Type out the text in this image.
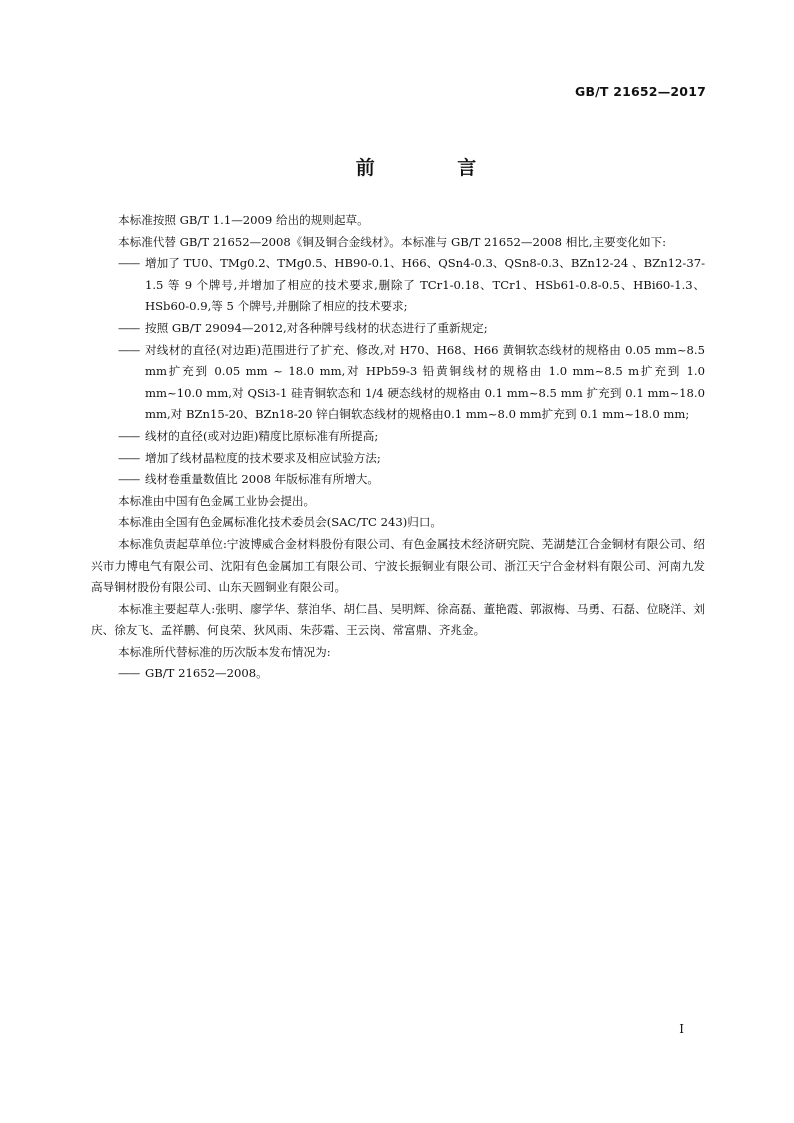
GB/T 21652—2017
前 言

本标准按照 GB/T 1.1—2009 给出的规则起草。

本标准代替 GB/T 21652—2008《铜及铜合金线材》。本标准与 GB/T 21652—2008 相比,主要变化如下:

—— 增加了 TU0、TMg0.2、TMg0.5、HB90-0.1、H66、QSn4-0.3、QSn8-0.3、BZn12-24 、BZn12-37-1.5 等 9 个牌号,并增加了相应的技术要求,删除了 TCr1-0.18、TCr1、HSb61-0.8-0.5、HBi60-1.3、HSb60-0.9,等 5 个牌号,并删除了相应的技术要求;
—— 按照 GB/T 29094—2012,对各种牌号线材的状态进行了重新规定;
—— 对线材的直径(对边距)范围进行了扩充、修改,对 H70、H68、H66 黄铜软态线材的规格由 0.05 mm~8.5 mm扩充到 0.05 mm ~ 18.0 mm,对 HPb59-3 铅黄铜线材的规格由 1.0 mm~8.5 m扩充到 1.0 mm~10.0 mm,对 QSi3-1 硅青铜软态和 1/4 硬态线材的规格由 0.1 mm~8.5 mm 扩充到 0.1 mm~18.0 mm,对 BZn15-20、BZn18-20 锌白铜软态线材的规格由0.1 mm~8.0 mm扩充到 0.1 mm~18.0 mm;
—— 线材的直径(或对边距)精度比原标准有所提高;
—— 增加了线材晶粒度的技术要求及相应试验方法;
—— 线材卷重量数值比 2008 年版标准有所增大。

本标准由中国有色金属工业协会提出。

本标准由全国有色金属标准化技术委员会(SAC/TC 243)归口。

本标准负责起草单位:宁波博威合金材料股份有限公司、有色金属技术经济研究院、芜湖楚江合金铜材有限公司、绍兴市力博电气有限公司、沈阳有色金属加工有限公司、宁波长振铜业有限公司、浙江天宁合金材料有限公司、河南九发高导铜材股份有限公司、山东天圆铜业有限公司。

本标准主要起草人:张明、廖学华、蔡洎华、胡仁昌、吴明辉、徐高磊、董艳霞、郭淑梅、马勇、石磊、位晓洋、刘庆、徐友飞、孟祥鹏、何良荣、狄风雨、朱莎霜、王云岗、常富鼎、齐兆金。

本标准所代替标准的历次版本发布情况为:

—— GB/T 21652—2008。
I
